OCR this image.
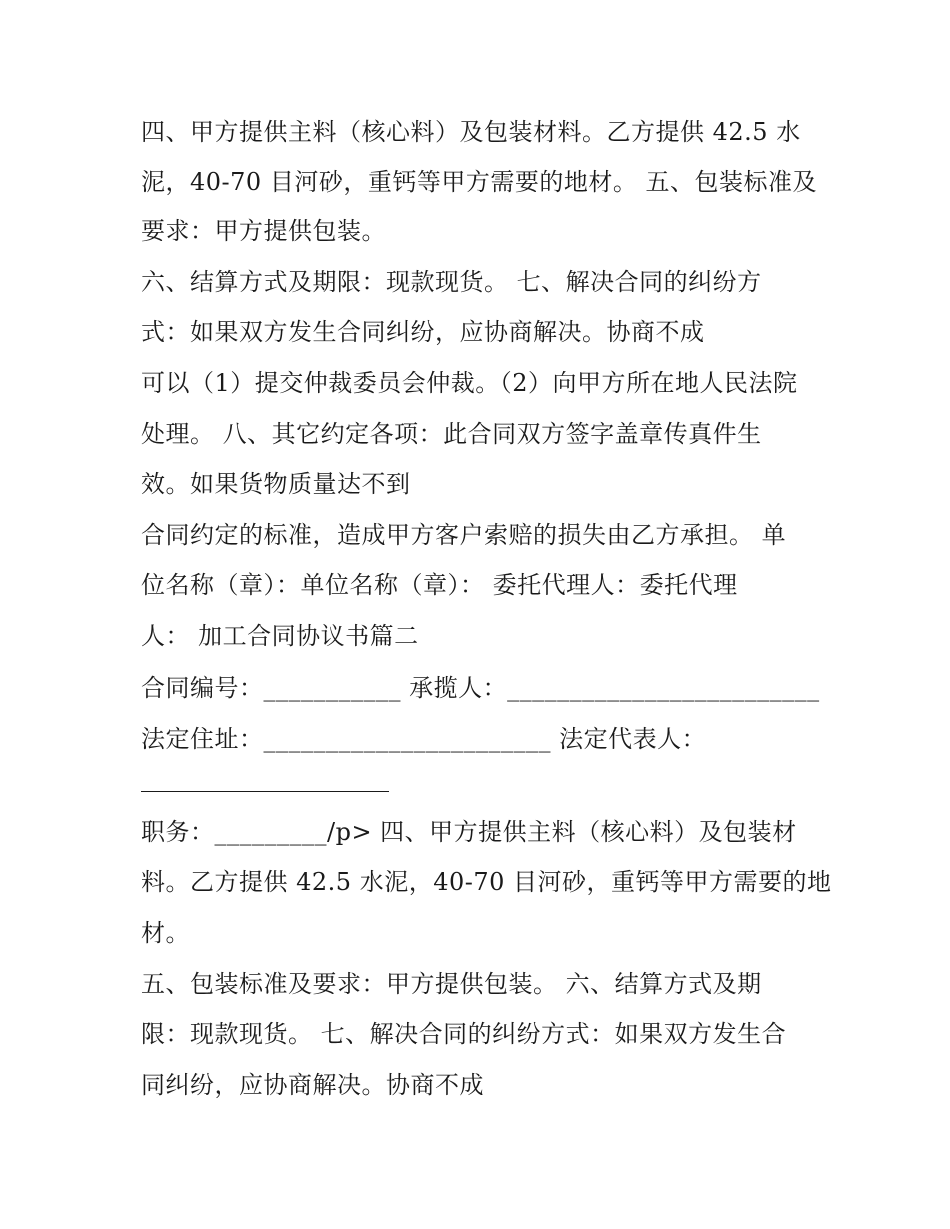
四、甲方提供主料（核心料）及包装材料。乙方提供 42.5 水
泥，40-70 目河砂，重钙等甲方需要的地材。 五、包装标准及
要求：甲方提供包装。
六、结算方式及期限：现款现货。 七、解决合同的纠纷方
式：如果双方发生合同纠纷，应协商解决。协商不成
可以（1）提交仲裁委员会仲裁。（2）向甲方所在地人民法院
处理。 八、其它约定各项：此合同双方签字盖章传真件生
效。如果货物质量达不到
合同约定的标准，造成甲方客户索赔的损失由乙方承担。 单
位名称（章）：单位名称（章）： 委托代理人：委托代理
人： 加工合同协议书篇二
合同编号：___________ 承揽人：_________________________
法定住址：_______________________ 法定代表人：
职务：_________/p> 四、甲方提供主料（核心料）及包装材
料。乙方提供 42.5 水泥，40-70 目河砂，重钙等甲方需要的地
材。
五、包装标准及要求：甲方提供包装。 六、结算方式及期
限：现款现货。 七、解决合同的纠纷方式：如果双方发生合
同纠纷，应协商解决。协商不成
